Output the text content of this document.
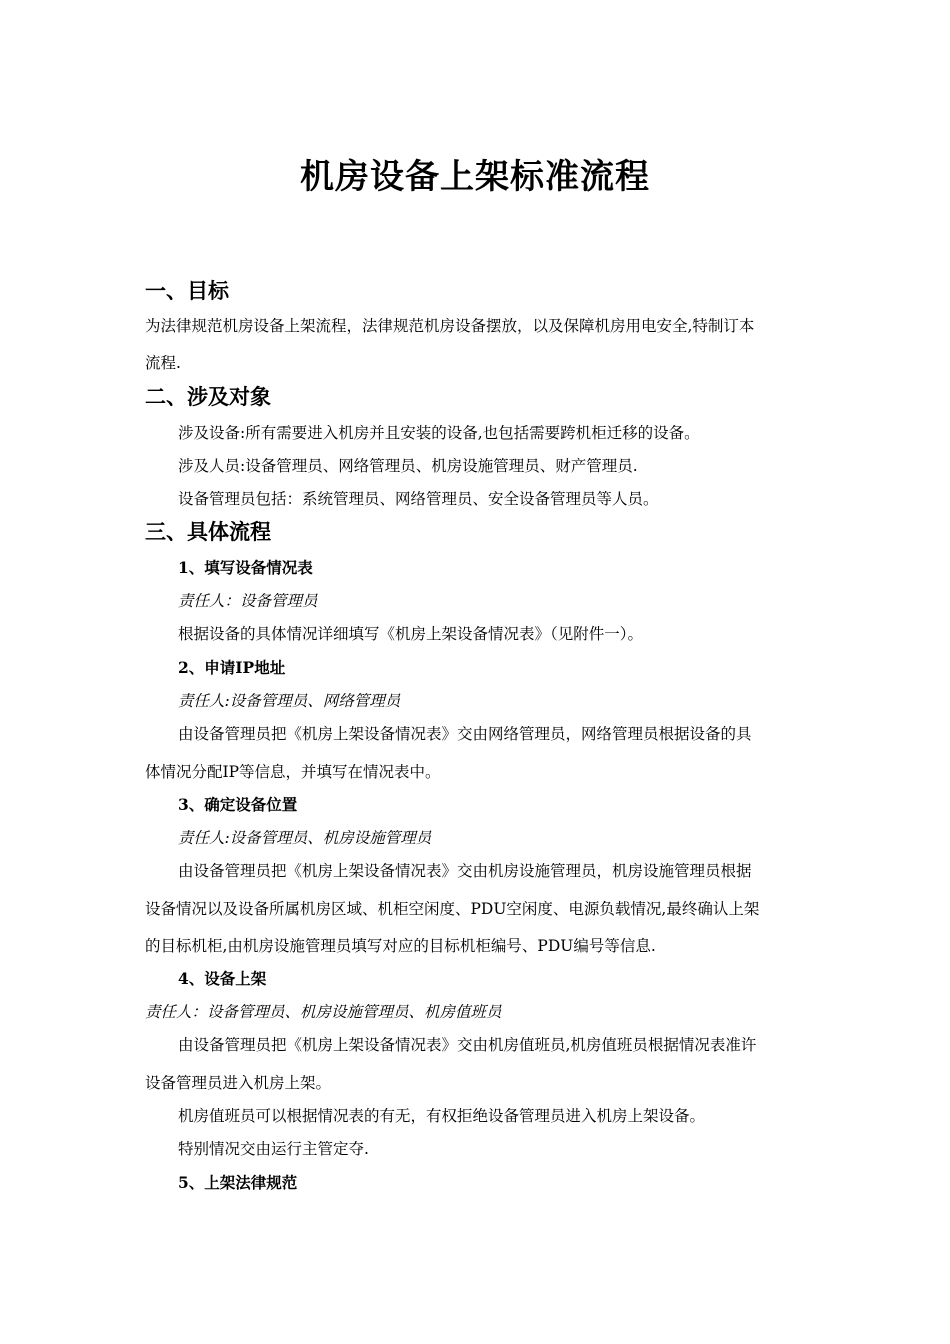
机房设备上架标准流程
一、目标
为法律规范机房设备上架流程，法律规范机房设备摆放，以及保障机房用电安全,特制订本
流程.
二、涉及对象
涉及设备:所有需要进入机房并且安装的设备,也包括需要跨机柜迁移的设备。
涉及人员:设备管理员、网络管理员、机房设施管理员、财产管理员.
设备管理员包括：系统管理员、网络管理员、安全设备管理员等人员。
三、具体流程
1、填写设备情况表
责任人：设备管理员
根据设备的具体情况详细填写《机房上架设备情况表》（见附件一）。
2、申请IP地址
责任人:设备管理员、网络管理员
由设备管理员把《机房上架设备情况表》交由网络管理员，网络管理员根据设备的具
体情况分配IP等信息，并填写在情况表中。
3、确定设备位置
责任人:设备管理员、机房设施管理员
由设备管理员把《机房上架设备情况表》交由机房设施管理员，机房设施管理员根据
设备情况以及设备所属机房区域、机柜空闲度、PDU空闲度、电源负载情况,最终确认上架
的目标机柜,由机房设施管理员填写对应的目标机柜编号、PDU编号等信息.
4、设备上架
责任人：设备管理员、机房设施管理员、机房值班员
由设备管理员把《机房上架设备情况表》交由机房值班员,机房值班员根据情况表准许
设备管理员进入机房上架。
机房值班员可以根据情况表的有无，有权拒绝设备管理员进入机房上架设备。
特别情况交由运行主管定夺.
5、上架法律规范
